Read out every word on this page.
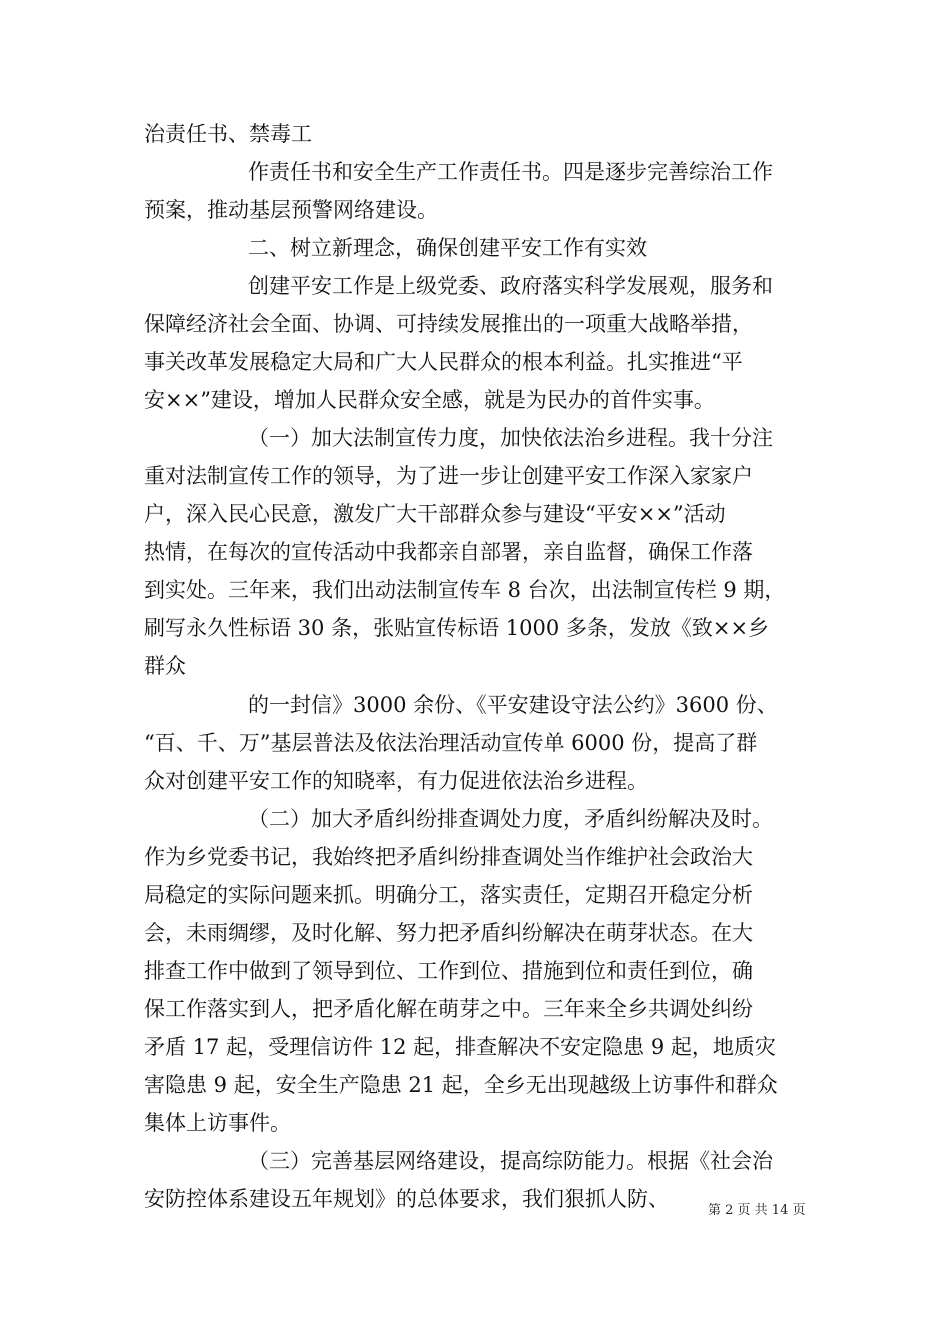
治责任书、禁毒工
作责任书和安全生产工作责任书。四是逐步完善综治工作
预案，推动基层预警网络建设。
二、树立新理念，确保创建平安工作有实效
创建平安工作是上级党委、政府落实科学发展观，服务和
保障经济社会全面、协调、可持续发展推出的一项重大战略举措，
事关改革发展稳定大局和广大人民群众的根本利益。扎实推进“平
安××”建设，增加人民群众安全感，就是为民办的首件实事。
（一）加大法制宣传力度，加快依法治乡进程。我十分注
重对法制宣传工作的领导，为了进一步让创建平安工作深入家家户
户，深入民心民意，激发广大干部群众参与建设“平安××”活动
热情，在每次的宣传活动中我都亲自部署，亲自监督，确保工作落
到实处。三年来，我们出动法制宣传车 8 台次，出法制宣传栏 9 期，
刷写永久性标语 30 条，张贴宣传标语 1000 多条，发放《致××乡
群众
的一封信》3000 余份、《平安建设守法公约》3600 份、
“百、千、万”基层普法及依法治理活动宣传单 6000 份，提高了群
众对创建平安工作的知晓率，有力促进依法治乡进程。
（二）加大矛盾纠纷排查调处力度，矛盾纠纷解决及时。
作为乡党委书记，我始终把矛盾纠纷排查调处当作维护社会政治大
局稳定的实际问题来抓。明确分工，落实责任，定期召开稳定分析
会，未雨绸缪，及时化解、努力把矛盾纠纷解决在萌芽状态。在大
排查工作中做到了领导到位、工作到位、措施到位和责任到位，确
保工作落实到人，把矛盾化解在萌芽之中。三年来全乡共调处纠纷
矛盾 17 起，受理信访件 12 起，排查解决不安定隐患 9 起，地质灾
害隐患 9 起，安全生产隐患 21 起，全乡无出现越级上访事件和群众
集体上访事件。
（三）完善基层网络建设，提高综防能力。根据《社会治
安防控体系建设五年规划》的总体要求，我们狠抓人防、	第 2 页 共 14 页
